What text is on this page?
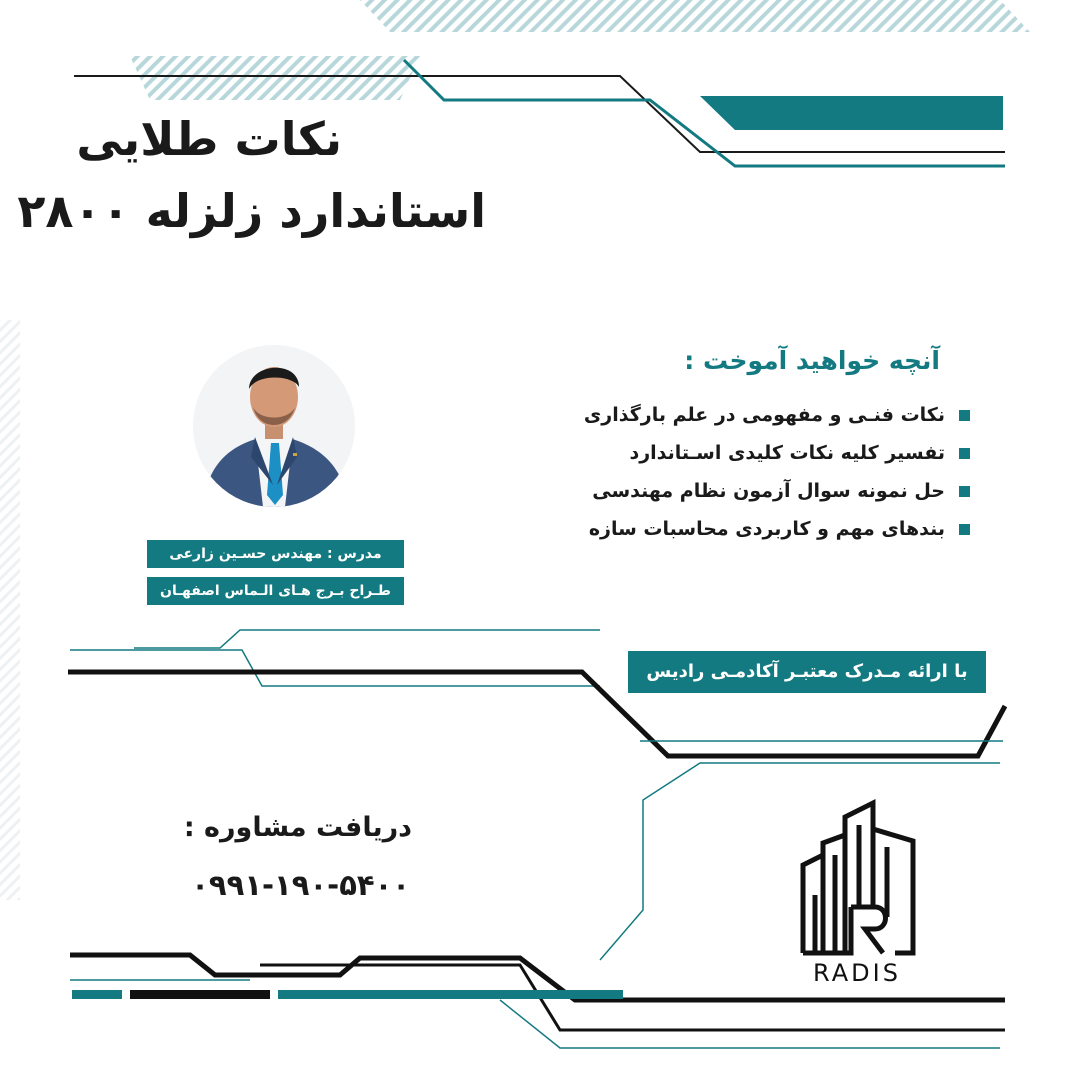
نکات طلایی
استاندارد زلزله ۲۸۰۰
آنچه خواهید آموخت :
نکات فنـی و مفهومی در علم بارگذاری
تفسیر کلیه نکات کلیدی اسـتاندارد
حل نمونه سوال آزمون نظام مهندسی
بندهای مهم و کاربردی محاسبات سازه
مدرس : مهندس حسـین زارعی
طـراح بـرج هـای الـماس اصفهـان
با ارائه مـدرک معتبـر آکادمـی رادیس
دریافت مشاوره :
۰۹۹۱-۱۹۰-۵۴۰۰
RADIS
